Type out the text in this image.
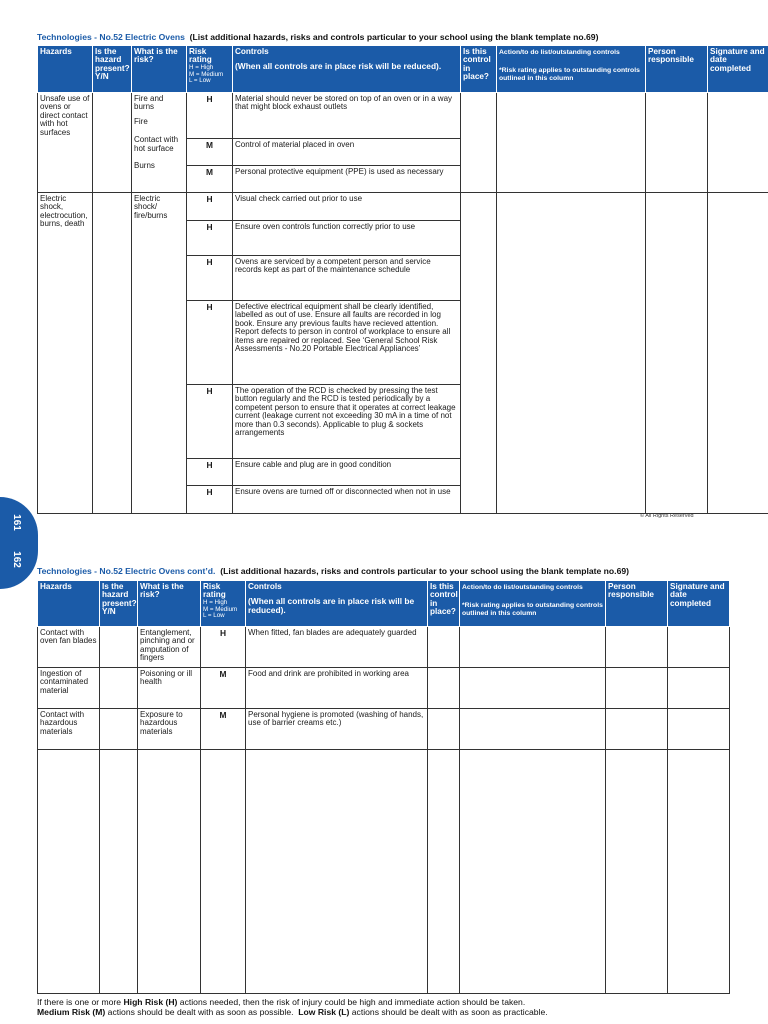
Technologies - No.52 Electric Ovens (List additional hazards, risks and controls particular to your school using the blank template no.69)
Hazards	Is the hazard present? Y/N	What is the risk?	Risk rating
H = High
M = Medium
L = Low	Controls
(When all controls are in place risk will be reduced).	Is this control in place?	Action/to do list/outstanding controls
*Risk rating applies to outstanding controls outlined in this column	Person responsible	Signature and date completed
Unsafe use of ovens or direct contact with hot surfaces		Fire and burns
Fire
Contact with hot surface
Burns	H	Material should never be stored on top of an oven or in a way that might block exhaust outlets				
			M	Control of material placed in oven				
			M	Personal protective equipment (PPE) is used as necessary				
Electric shock, electrocution, burns, death		Electric shock/ fire/burns	H	Visual check carried out prior to use				
			H	Ensure oven controls function correctly prior to use				
			H	Ovens are serviced by a competent person and service records kept as part of the maintenance schedule				
			H	Defective electrical equipment shall be clearly identified, labelled as out of use. Ensure all faults are recorded in log book. Ensure any previous faults have recieved attention. Report defects to person in control of workplace to ensure all items are repaired or replaced. See ‘General School Risk Assessments - No.20 Portable Electrical Appliances’				
			H	The operation of the RCD is checked by pressing the test button regularly and the RCD is tested periodically by a competent person to ensure that it operates at correct leakage current (leakage current not exceeding 30 mA in a time of not more than 0.3 seconds). Applicable to plug & sockets arrangements				
			H	Ensure cable and plug are in good condition				
			H	Ensure ovens are turned off or disconnected when not in use				
© All Rights Reserved
161
162
Technologies - No.52 Electric Ovens cont’d. (List additional hazards, risks and controls particular to your school using the blank template no.69)
Hazards	Is the hazard present? Y/N	What is the risk?	Risk rating
H = High
M = Medium
L = Low	Controls
(When all controls are in place risk will be reduced).	Is this control in place?	Action/to do list/outstanding controls
*Risk rating applies to outstanding controls outlined in this column	Person responsible	Signature and date completed
Contact with oven fan blades		Entanglement, pinching and or amputation of fingers	H	When fitted, fan blades are adequately guarded				
Ingestion of contaminated material		Poisoning or ill health	M	Food and drink are prohibited in working area				
Contact with hazardous materials		Exposure to hazardous materials	M	Personal hygiene is promoted (washing of hands, use of barrier creams etc.)				

If there is one or more High Risk (H) actions needed, then the risk of injury could be high and immediate action should be taken.
Medium Risk (M) actions should be dealt with as soon as possible.  Low Risk (L) actions should be dealt with as soon as practicable.
